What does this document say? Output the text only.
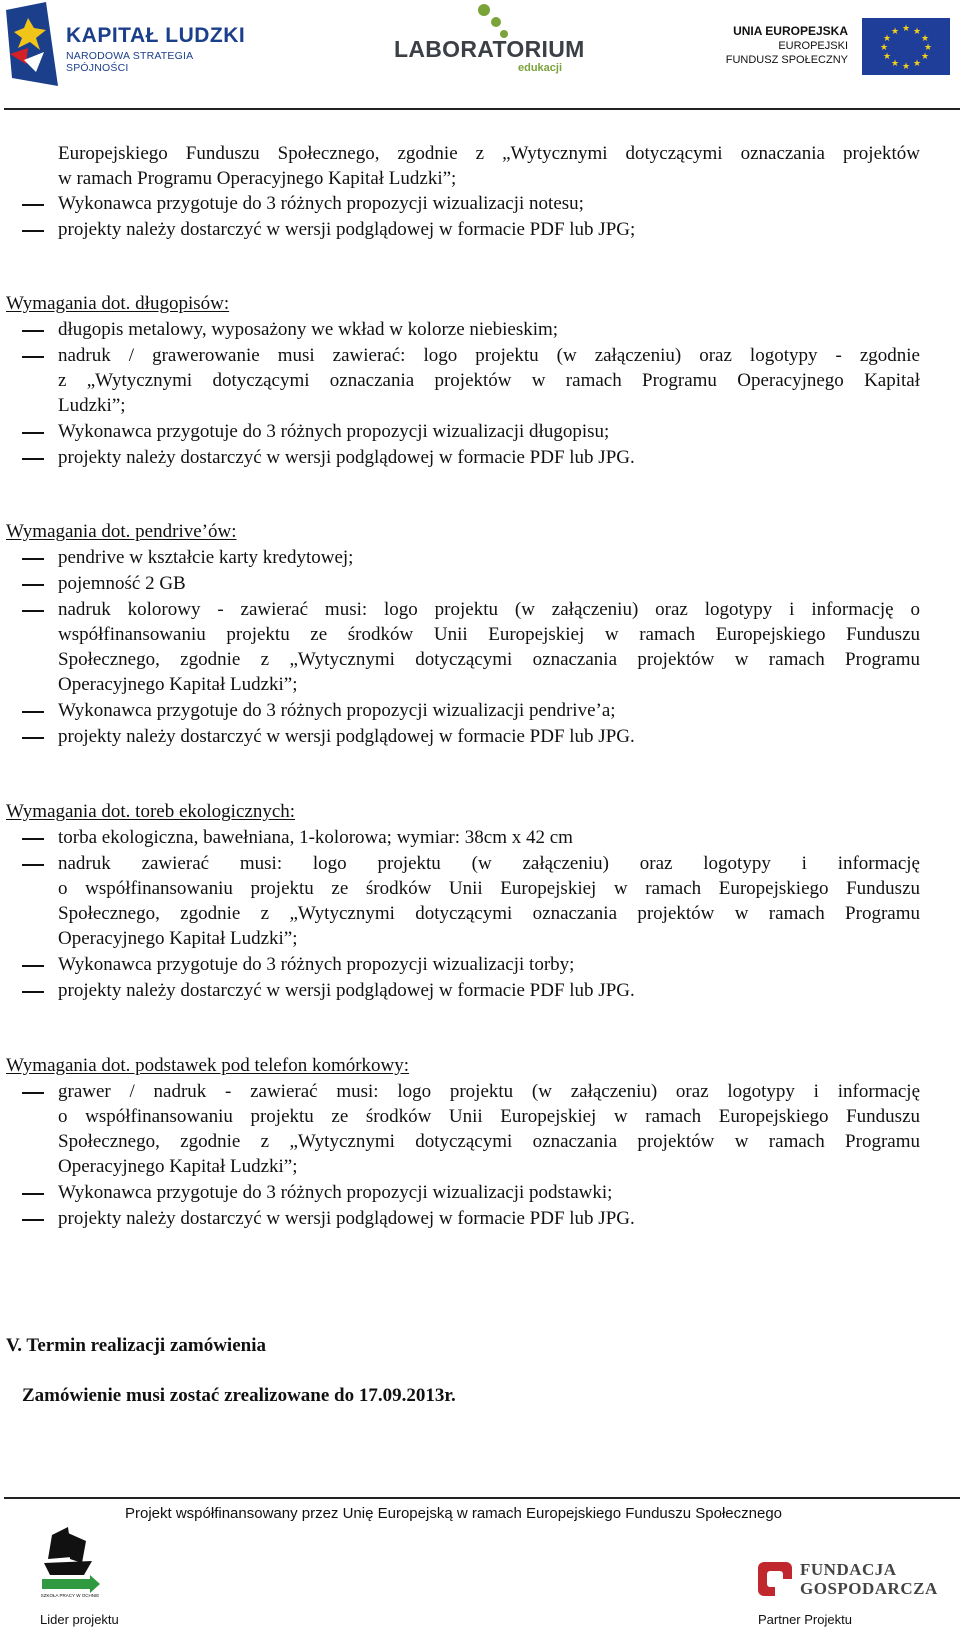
KAPITAŁ LUDZKI
NARODOWA STRATEGIA SPÓJNOŚCI
LABORATORIUM
edukacji
UNIA EUROPEJSKA
EUROPEJSKI
FUNDUSZ SPOŁECZNY
★ ★
★
★
★
★
★
★
★
★
★
★
Europejskiego Funduszu Społecznego, zgodnie z „Wytycznymi dotyczącymi oznaczania projektów
w ramach Programu Operacyjnego Kapitał Ludzki”;
Wykonawca przygotuje do 3 różnych propozycji wizualizacji notesu;
projekty należy dostarczyć w wersji podglądowej w formacie PDF lub JPG;
Wymagania dot. długopisów:
długopis metalowy, wyposażony we wkład w kolorze niebieskim;
nadruk / grawerowanie musi zawierać: logo projektu (w załączeniu) oraz logotypy - zgodnie
z „Wytycznymi dotyczącymi oznaczania projektów w ramach Programu Operacyjnego Kapitał
Ludzki”;
Wykonawca przygotuje do 3 różnych propozycji wizualizacji długopisu;
projekty należy dostarczyć w wersji podglądowej w formacie PDF lub JPG.
Wymagania dot. pendrive’ów:
pendrive w kształcie karty kredytowej;
pojemność 2 GB
nadruk kolorowy - zawierać musi: logo projektu (w załączeniu) oraz logotypy i informację o
współfinansowaniu projektu ze środków Unii Europejskiej w ramach Europejskiego Funduszu
Społecznego, zgodnie z „Wytycznymi dotyczącymi oznaczania projektów w ramach Programu
Operacyjnego Kapitał Ludzki”;
Wykonawca przygotuje do 3 różnych propozycji wizualizacji pendrive’a;
projekty należy dostarczyć w wersji podglądowej w formacie PDF lub JPG.
Wymagania dot. toreb ekologicznych:
torba ekologiczna, bawełniana, 1-kolorowa; wymiar: 38cm x 42 cm
nadruk zawierać musi: logo projektu (w załączeniu) oraz logotypy i informację
o współfinansowaniu projektu ze środków Unii Europejskiej w ramach Europejskiego Funduszu
Społecznego, zgodnie z „Wytycznymi dotyczącymi oznaczania projektów w ramach Programu
Operacyjnego Kapitał Ludzki”;
Wykonawca przygotuje do 3 różnych propozycji wizualizacji torby;
projekty należy dostarczyć w wersji podglądowej w formacie PDF lub JPG.
Wymagania dot. podstawek pod telefon komórkowy:
grawer / nadruk - zawierać musi: logo projektu (w załączeniu) oraz logotypy i informację
o współfinansowaniu projektu ze środków Unii Europejskiej w ramach Europejskiego Funduszu
Społecznego, zgodnie z „Wytycznymi dotyczącymi oznaczania projektów w ramach Programu
Operacyjnego Kapitał Ludzki”;
Wykonawca przygotuje do 3 różnych propozycji wizualizacji podstawki;
projekty należy dostarczyć w wersji podglądowej w formacie PDF lub JPG.
V. Termin realizacji zamówienia
Zamówienie musi zostać zrealizowane do 17.09.2013r.
Projekt współfinansowany przez Unię Europejską w ramach Europejskiego Funduszu Społecznego
SZKOŁA PRACY W OCHNIE
Lider projektu
FUNDACJA
GOSPODARCZA
Partner Projektu
